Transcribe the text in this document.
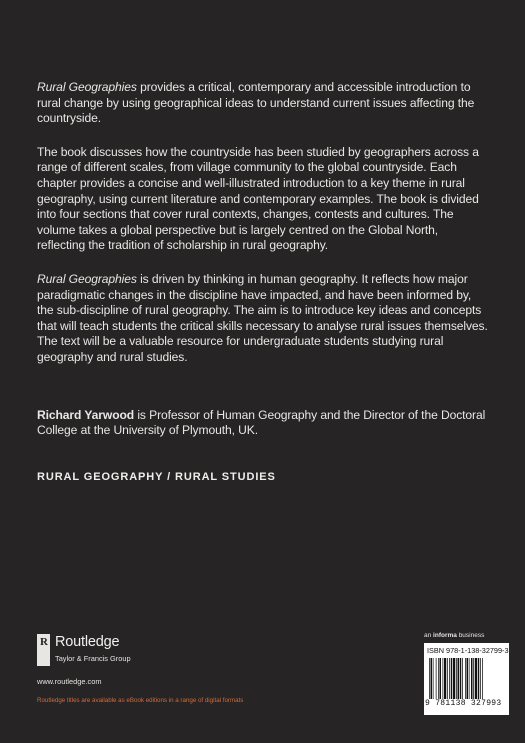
Rural Geographies provides a critical, contemporary and accessible introduction to rural change by using geographical ideas to understand current issues affecting the countryside.

The book discusses how the countryside has been studied by geographers across a range of different scales, from village community to the global countryside. Each chapter provides a concise and well-illustrated introduction to a key theme in rural geography, using current literature and contemporary examples. The book is divided into four sections that cover rural contexts, changes, contests and cultures. The volume takes a global perspective but is largely centred on the Global North, reflecting the tradition of scholarship in rural geography.

Rural Geographies is driven by thinking in human geography. It reflects how major paradigmatic changes in the discipline have impacted, and have been informed by, the sub-discipline of rural geography. The aim is to introduce key ideas and concepts that will teach students the critical skills necessary to analyse rural issues themselves. The text will be a valuable resource for undergraduate students studying rural geography and rural studies.

Richard Yarwood is Professor of Human Geography and the Director of the Doctoral College at the University of Plymouth, UK.

RURAL GEOGRAPHY / RURAL STUDIES
R Routledge
Taylor & Francis Group
www.routledge.com
Routledge titles are available as eBook editions in a range of digital formats
an informa business
ISBN 978-1-138-32799-3
9 781138 327993
